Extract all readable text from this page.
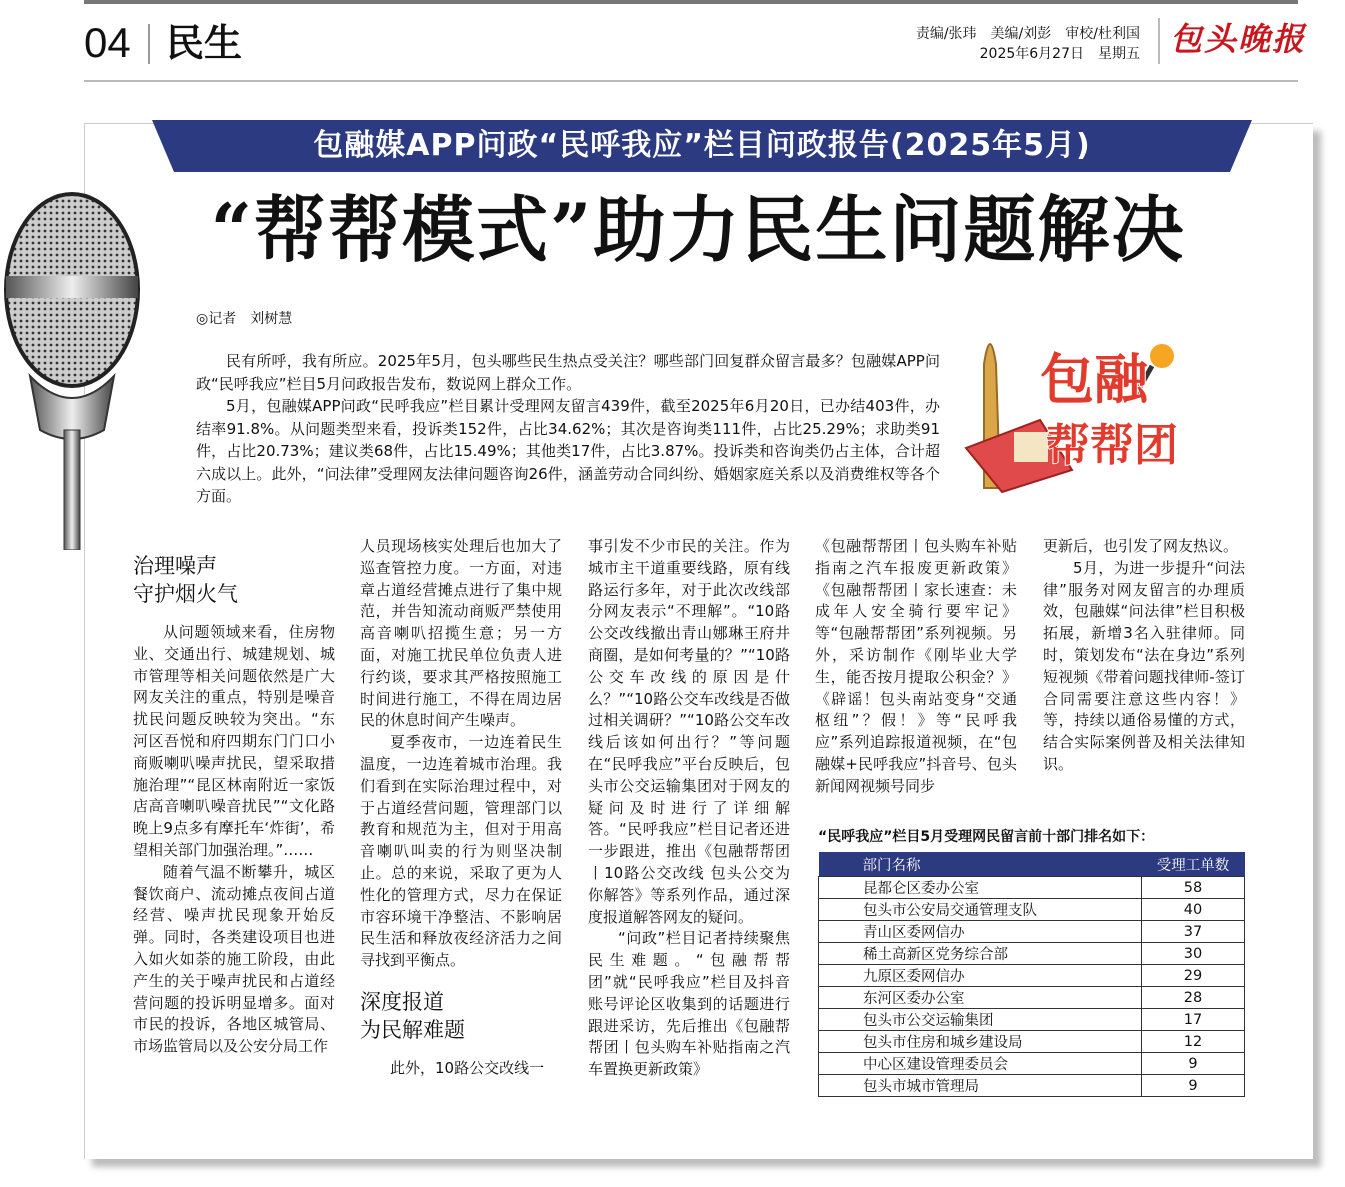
04 民生	责编/张玮　美编/刘彭　审校/杜利国
2025年6月27日　星期五 包头晚报
包融媒APP问政“民呼我应”栏目问政报告(2025年5月)
“帮帮模式”助力民生问题解决
◎记者　刘树慧

民有所呼，我有所应。2025年5月，包头哪些民生热点受关注？哪些部门回复群众留言最多？包融媒APP问政“民呼我应”栏目5月问政报告发布，数说网上群众工作。

5月，包融媒APP问政“民呼我应”栏目累计受理网友留言439件，截至2025年6月20日，已办结403件，办结率91.8%。从问题类型来看，投诉类152件，占比34.62%；其次是咨询类111件，占比25.29%；求助类91件，占比20.73%；建议类68件，占比15.49%；其他类17件，占比3.87%。投诉类和咨询类仍占主体，合计超六成以上。此外，“问法律”受理网友法律问题咨询26件，涵盖劳动合同纠纷、婚姻家庭关系以及消费维权等各个方面。

包融
帮帮团
治理噪声
守护烟火气

从问题领域来看，住房物业、交通出行、城建规划、城市管理等相关问题依然是广大网友关注的重点，特别是噪音扰民问题反映较为突出。“东河区吾悦和府四期东门门口小商贩喇叭噪声扰民，望采取措施治理”“昆区林南附近一家饭店高音喇叭噪音扰民”“文化路晚上9点多有摩托车‘炸街’，希望相关部门加强治理。”……

随着气温不断攀升，城区餐饮商户、流动摊点夜间占道经营、噪声扰民现象开始反弹。同时，各类建设项目也进入如火如荼的施工阶段，由此产生的关于噪声扰民和占道经营问题的投诉明显增多。面对市民的投诉，各地区城管局、市场监管局以及公安分局工作

人员现场核实处理后也加大了巡查管控力度。一方面，对违章占道经营摊点进行了集中规范，并告知流动商贩严禁使用高音喇叭招揽生意；另一方面，对施工扰民单位负责人进行约谈，要求其严格按照施工时间进行施工，不得在周边居民的休息时间产生噪声。

夏季夜市，一边连着民生温度，一边连着城市治理。我们看到在实际治理过程中，对于占道经营问题，管理部门以教育和规范为主，但对于用高音喇叭叫卖的行为则坚决制止。总的来说，采取了更为人性化的管理方式，尽力在保证市容环境干净整洁、不影响居民生活和释放夜经济活力之间寻找到平衡点。

深度报道
为民解难题

此外，10路公交改线一

事引发不少市民的关注。作为城市主干道重要线路，原有线路运行多年，对于此次改线部分网友表示“不理解”。“10路公交改线撤出青山娜琳王府井商圈，是如何考量的？”“10路公交车改线的原因是什么？”“10路公交车改线是否做过相关调研？”“10路公交车改线后该如何出行？”等问题在“民呼我应”平台反映后，包头市公交运输集团对于网友的疑问及时进行了详细解答。“民呼我应”栏目记者还进一步跟进，推出《包融帮帮团丨10路公交改线 包头公交为你解答》等系列作品，通过深度报道解答网友的疑问。

“问政”栏目记者持续聚焦民生难题。“包融帮帮团”就“民呼我应”栏目及抖音账号评论区收集到的话题进行跟进采访，先后推出《包融帮帮团丨包头购车补贴指南之汽车置换更新政策》

《包融帮帮团丨包头购车补贴指南之汽车报废更新政策》《包融帮帮团丨家长速查：未成年人安全骑行要牢记》等“包融帮帮团”系列视频。另外，采访制作《刚毕业大学生，能否按月提取公积金？》《辟谣！包头南站变身“交通枢纽”？假！》等“民呼我应”系列追踪报道视频，在“包融媒+民呼我应”抖音号、包头新闻网视频号同步

更新后，也引发了网友热议。

5月，为进一步提升“问法律”服务对网友留言的办理质效，包融媒“问法律”栏目积极拓展，新增3名入驻律师。同时，策划发布“法在身边”系列短视频《带着问题找律师-签订合同需要注意这些内容！》等，持续以通俗易懂的方式，结合实际案例普及相关法律知识。

“民呼我应”栏目5月受理网民留言前十部门排名如下：
部门名称	受理工单数
昆都仑区委办公室	58
包头市公安局交通管理支队	40
青山区委网信办	37
稀土高新区党务综合部	30
九原区委网信办	29
东河区委办公室	28
包头市公交运输集团	17
包头市住房和城乡建设局	12
中心区建设管理委员会	9
包头市城市管理局	9
